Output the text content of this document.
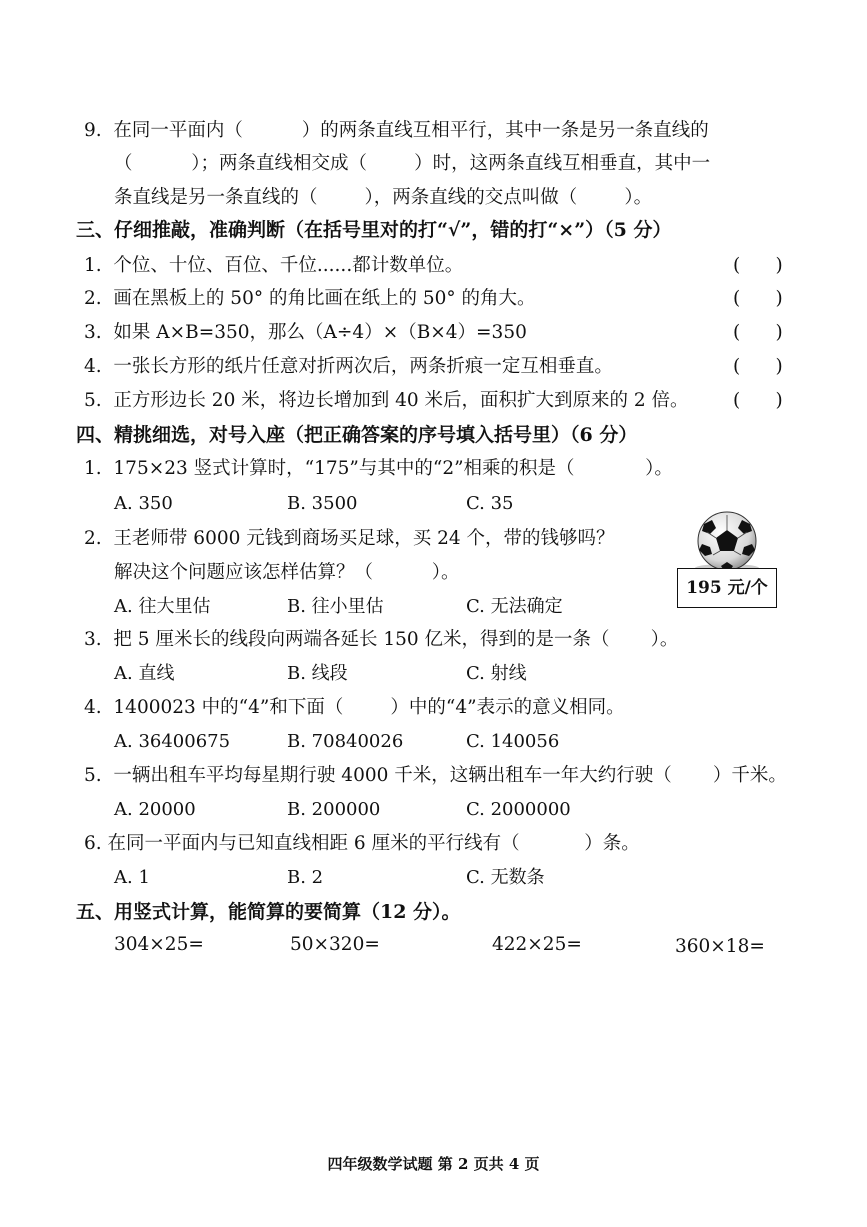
9.  在同一平面内（          ）的两条直线互相平行，其中一条是另一条直线的
（          ）；两条直线相交成（        ）时，这两条直线互相垂直，其中一
条直线是另一条直线的（        ），两条直线的交点叫做（        ）。
三、仔细推敲，准确判断（在括号里对的打“√”，错的打“×”）（5 分）
1.  个位、十位、百位、千位......都计数单位。	(      )
2.  画在黑板上的 50° 的角比画在纸上的 50° 的角大。	(      )
3.  如果 A×B=350，那么（A÷4）×（B×4）=350	(      )
4.  一张长方形的纸片任意对折两次后，两条折痕一定互相垂直。	(      )
5.  正方形边长 20 米，将边长增加到 40 米后，面积扩大到原来的 2 倍。 (      )
四、精挑细选，对号入座（把正确答案的序号填入括号里）（6 分）
1.  175×23 竖式计算时，“175”与其中的“2”相乘的积是（            ）。
A. 350	B. 3500	C. 35
2.  王老师带 6000 元钱到商场买足球，买 24 个，带的钱够吗？
解决这个问题应该怎样估算？（          ）。
A. 往大里估	B. 往小里估	C. 无法确定
195 元/个
3.  把 5 厘米长的线段向两端各延长 150 亿米，得到的是一条（       ）。
A. 直线	B. 线段	C. 射线
4.  1400023 中的“4”和下面（        ）中的“4”表示的意义相同。
A. 36400675	B. 70840026	C. 140056
5.  一辆出租车平均每星期行驶 4000 千米，这辆出租车一年大约行驶（       ）千米。
A. 20000	B. 200000	C. 2000000
6. 在同一平面内与已知直线相距 6 厘米的平行线有（           ）条。
A. 1	B. 2	C. 无数条
五、用竖式计算，能简算的要简算（12 分）。
304×25=	50×320=	422×25=	360×18=
四年级数学试题 第 2 页共 4 页
